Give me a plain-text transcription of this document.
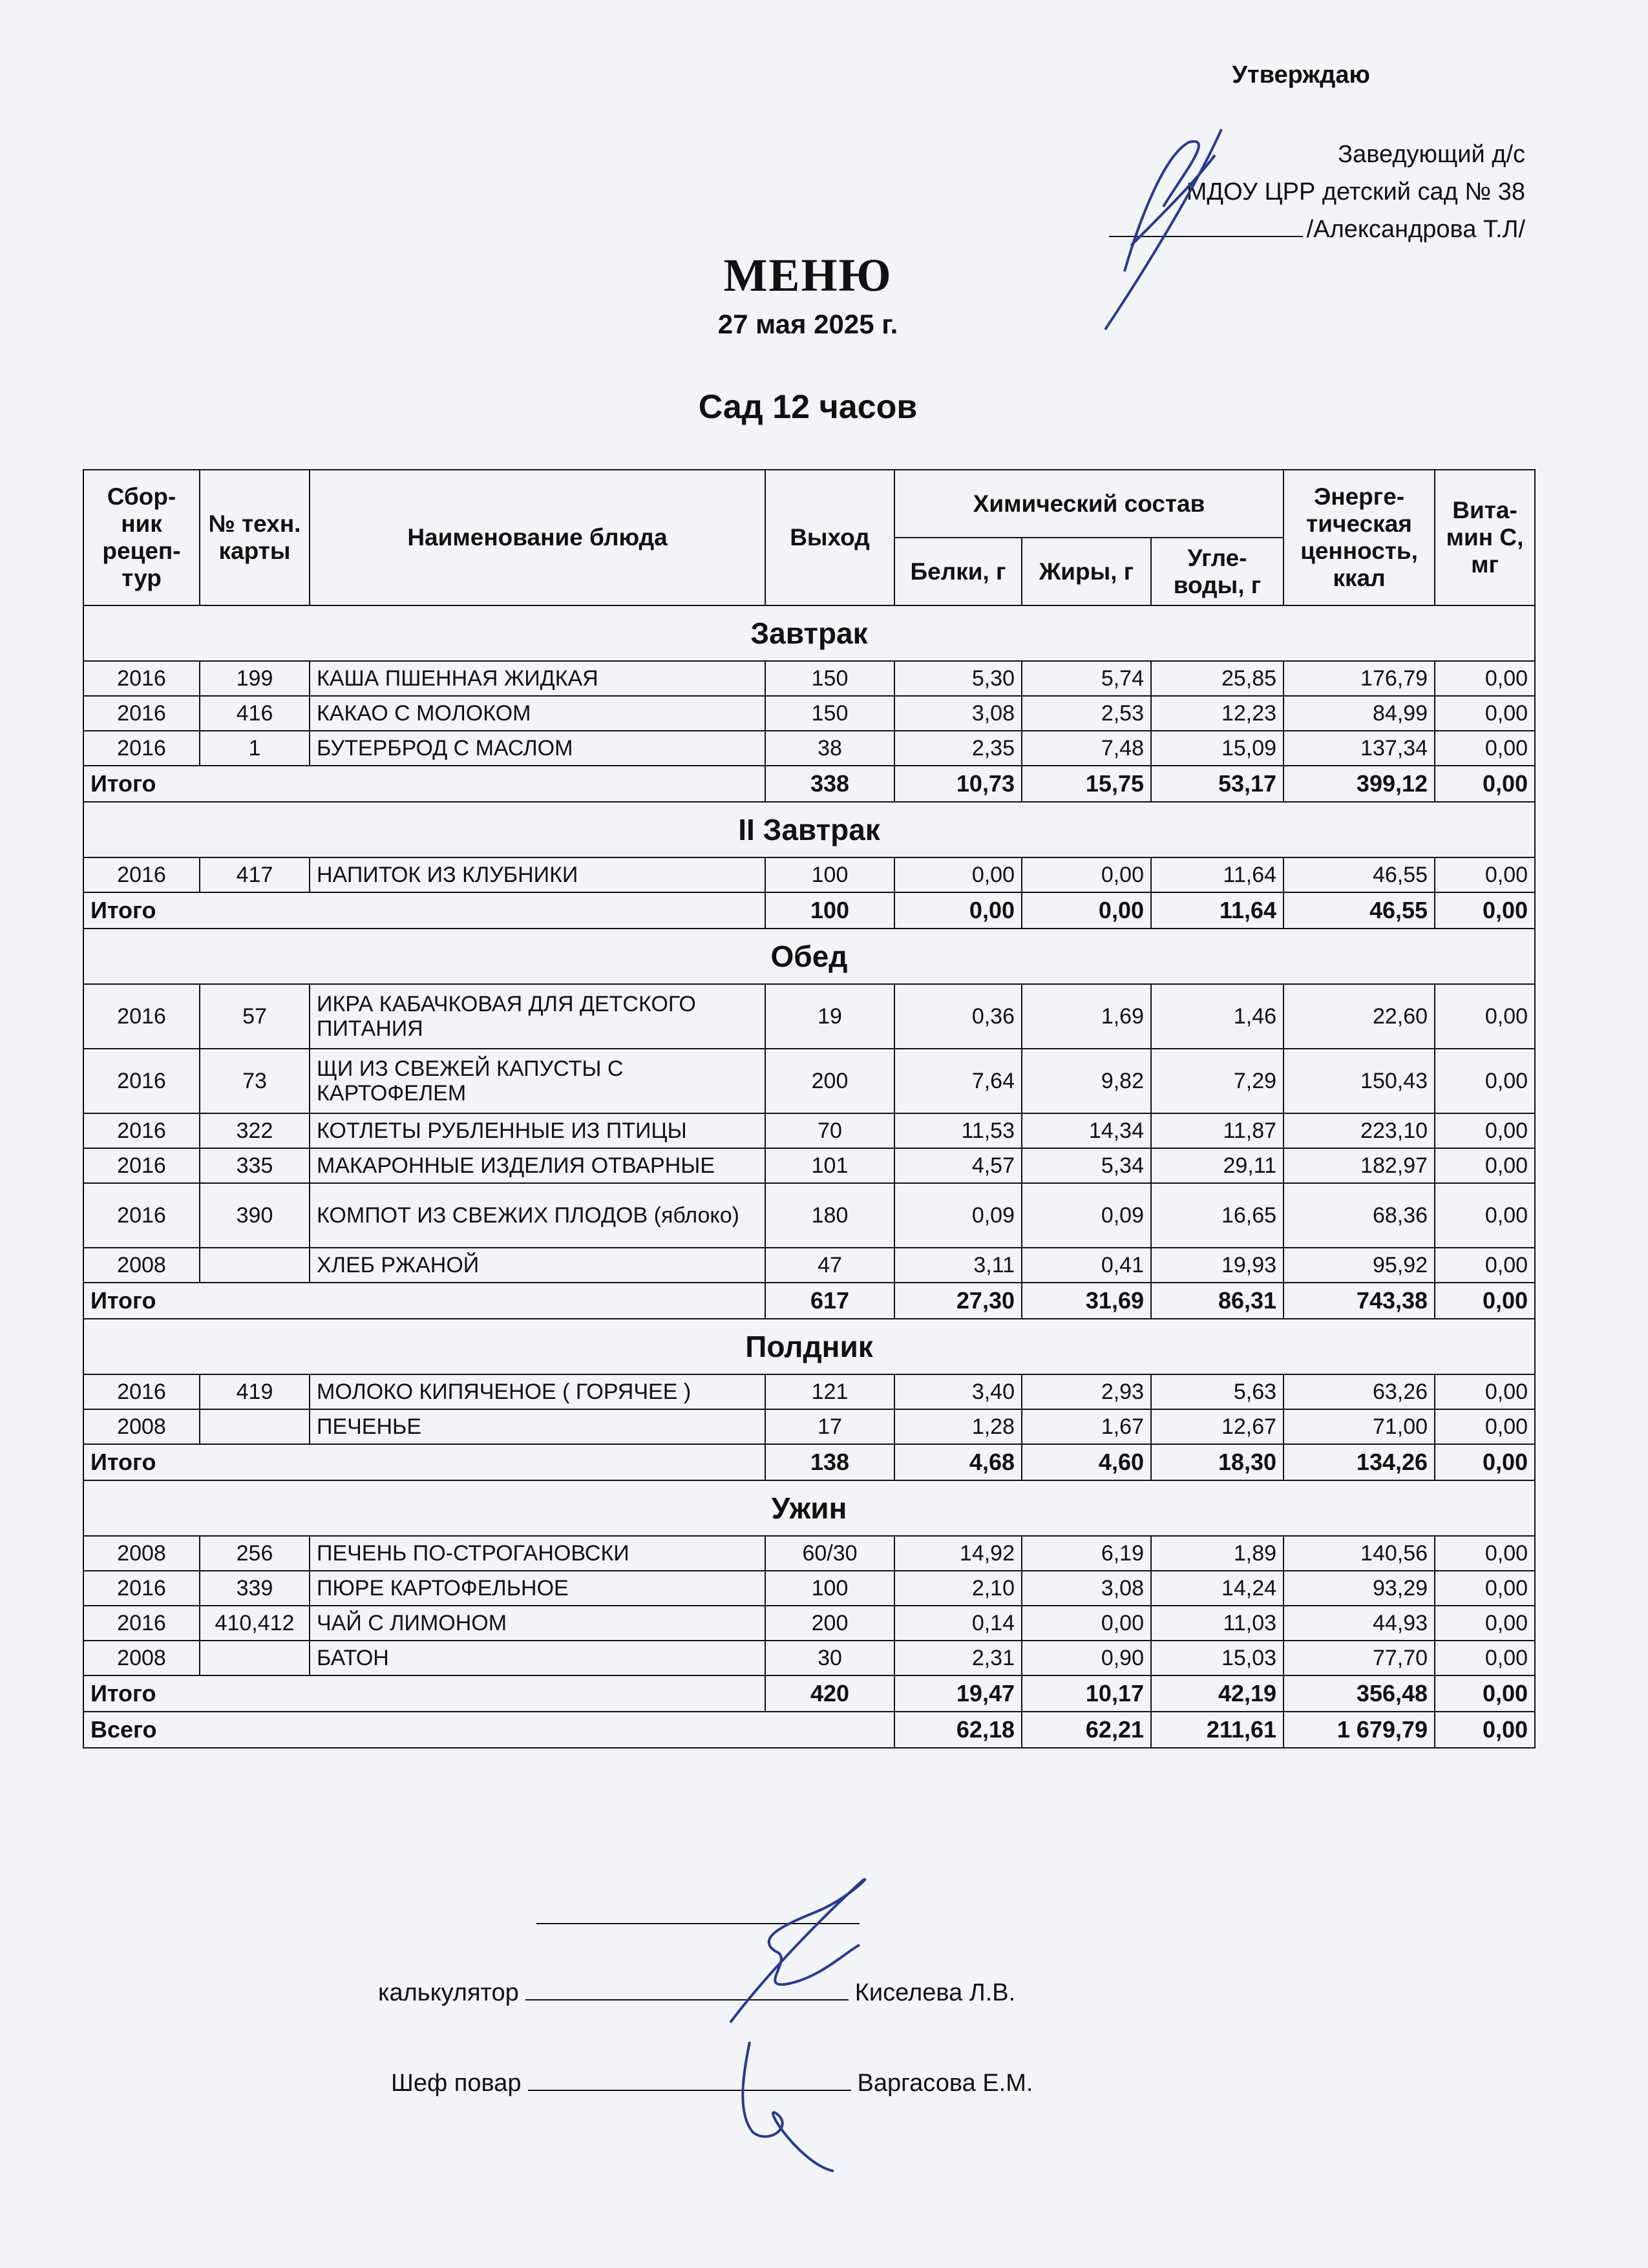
Утверждаю
Заведующий д/с
МДОУ ЦРР детский сад № 38
/Александрова Т.Л/
МЕНЮ
27 мая 2025 г.
Сад 12 часов
Сбор-ник рецеп-тур	№ техн. карты	Наименование блюда	Выход	Химический состав			Энерге-тическая ценность, ккал	Вита-мин С, мг
				Белки, г	Жиры, г	Угле-воды, г		
Завтрак								
2016	199	КАША ПШЕННАЯ ЖИДКАЯ	150	5,30	5,74	25,85	176,79	0,00
2016	416	КАКАО С МОЛОКОМ	150	3,08	2,53	12,23	84,99	0,00
2016	1	БУТЕРБРОД С МАСЛОМ	38	2,35	7,48	15,09	137,34	0,00
Итого			338	10,73	15,75	53,17	399,12	0,00
II Завтрак								
2016	417	НАПИТОК ИЗ КЛУБНИКИ	100	0,00	0,00	11,64	46,55	0,00
Итого			100	0,00	0,00	11,64	46,55	0,00
Обед								
2016	57	ИКРА КАБАЧКОВАЯ ДЛЯ ДЕТСКОГО ПИТАНИЯ	19	0,36	1,69	1,46	22,60	0,00
2016	73	ЩИ ИЗ СВЕЖЕЙ КАПУСТЫ С КАРТОФЕЛЕМ	200	7,64	9,82	7,29	150,43	0,00
2016	322	КОТЛЕТЫ РУБЛЕННЫЕ ИЗ ПТИЦЫ	70	11,53	14,34	11,87	223,10	0,00
2016	335	МАКАРОННЫЕ ИЗДЕЛИЯ ОТВАРНЫЕ	101	4,57	5,34	29,11	182,97	0,00
2016	390	КОМПОТ ИЗ СВЕЖИХ ПЛОДОВ (яблоко)	180	0,09	0,09	16,65	68,36	0,00
2008		ХЛЕБ РЖАНОЙ	47	3,11	0,41	19,93	95,92	0,00
Итого			617	27,30	31,69	86,31	743,38	0,00
Полдник								
2016	419	МОЛОКО КИПЯЧЕНОЕ ( ГОРЯЧЕЕ )	121	3,40	2,93	5,63	63,26	0,00
2008		ПЕЧЕНЬЕ	17	1,28	1,67	12,67	71,00	0,00
Итого			138	4,68	4,60	18,30	134,26	0,00
Ужин								
2008	256	ПЕЧЕНЬ ПО-СТРОГАНОВСКИ	60/30	14,92	6,19	1,89	140,56	0,00
2016	339	ПЮРЕ КАРТОФЕЛЬНОЕ	100	2,10	3,08	14,24	93,29	0,00
2016	410,412	ЧАЙ С ЛИМОНОМ	200	0,14	0,00	11,03	44,93	0,00
2008		БАТОН	30	2,31	0,90	15,03	77,70	0,00
Итого			420	19,47	10,17	42,19	356,48	0,00
Всего				62,18	62,21	211,61	1 679,79	0,00
калькулятор	Киселева Л.В.
Шеф повар	Варгасова Е.М.
